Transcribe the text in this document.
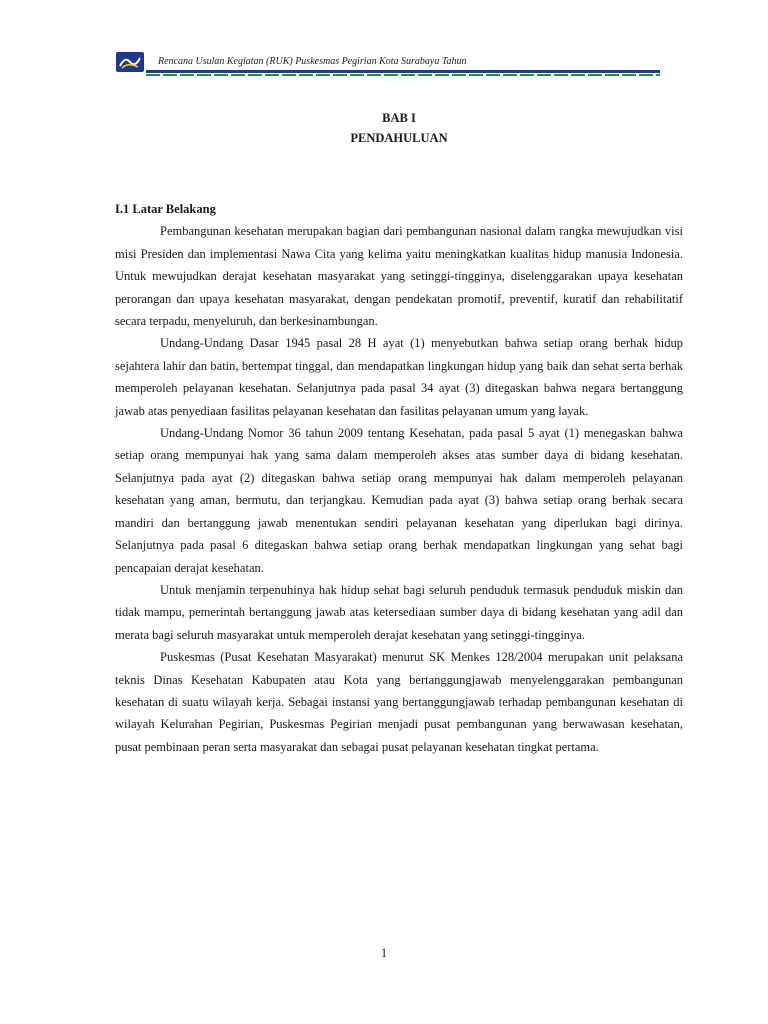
Rencana Usulan Kegiatan (RUK) Puskesmas Pegirian Kota Surabaya Tahun
BAB I
PENDAHULUAN
I.1 Latar Belakang

Pembangunan kesehatan merupakan bagian dari pembangunan nasional dalam rangka mewujudkan visi misi Presiden dan implementasi Nawa Cita yang kelima yaitu meningkatkan kualitas hidup manusia Indonesia. Untuk mewujudkan derajat kesehatan masyarakat yang setinggi-tingginya, diselenggarakan upaya kesehatan perorangan dan upaya kesehatan masyarakat, dengan pendekatan promotif, preventif, kuratif dan rehabilitatif secara terpadu, menyeluruh, dan berkesinambungan.

Undang-Undang Dasar 1945 pasal 28 H ayat (1) menyebutkan bahwa setiap orang berhak hidup sejahtera lahir dan batin, bertempat tinggal, dan mendapatkan lingkungan hidup yang baik dan sehat serta berhak memperoleh pelayanan kesehatan. Selanjutnya pada pasal 34 ayat (3) ditegaskan bahwa negara bertanggung jawab atas penyediaan fasilitas pelayanan kesehatan dan fasilitas pelayanan umum yang layak.

Undang-Undang Nomor 36 tahun 2009 tentang Kesehatan, pada pasal 5 ayat (1) menegaskan bahwa setiap orang mempunyai hak yang sama dalam memperoleh akses atas sumber daya di bidang kesehatan. Selanjutnya pada ayat (2) ditegaskan bahwa setiap orang mempunyai hak dalam memperoleh pelayanan kesehatan yang aman, bermutu, dan terjangkau. Kemudian pada ayat (3) bahwa setiap orang berhak secara mandiri dan bertanggung jawab menentukan sendiri pelayanan kesehatan yang diperlukan bagi dirinya. Selanjutnya pada pasal 6 ditegaskan bahwa setiap orang berhak mendapatkan lingkungan yang sehat bagi pencapaian derajat kesehatan.

Untuk menjamin terpenuhinya hak hidup sehat bagi seluruh penduduk termasuk penduduk miskin dan tidak mampu, pemerintah bertanggung jawab atas ketersediaan sumber daya di bidang kesehatan yang adil dan merata bagi seluruh masyarakat untuk memperoleh derajat kesehatan yang setinggi-tingginya.

Puskesmas (Pusat Kesehatan Masyarakat) menurut SK Menkes 128/2004 merupakan unit pelaksana teknis Dinas Kesehatan Kabupaten atau Kota yang bertanggungjawab menyelenggarakan pembangunan kesehatan di suatu wilayah kerja. Sebagai instansi yang bertanggungjawab terhadap pembangunan kesehatan di wilayah Kelurahan Pegirian, Puskesmas Pegirian menjadi pusat pembangunan yang berwawasan kesehatan, pusat pembinaan peran serta masyarakat dan sebagai pusat pelayanan kesehatan tingkat pertama.

1
